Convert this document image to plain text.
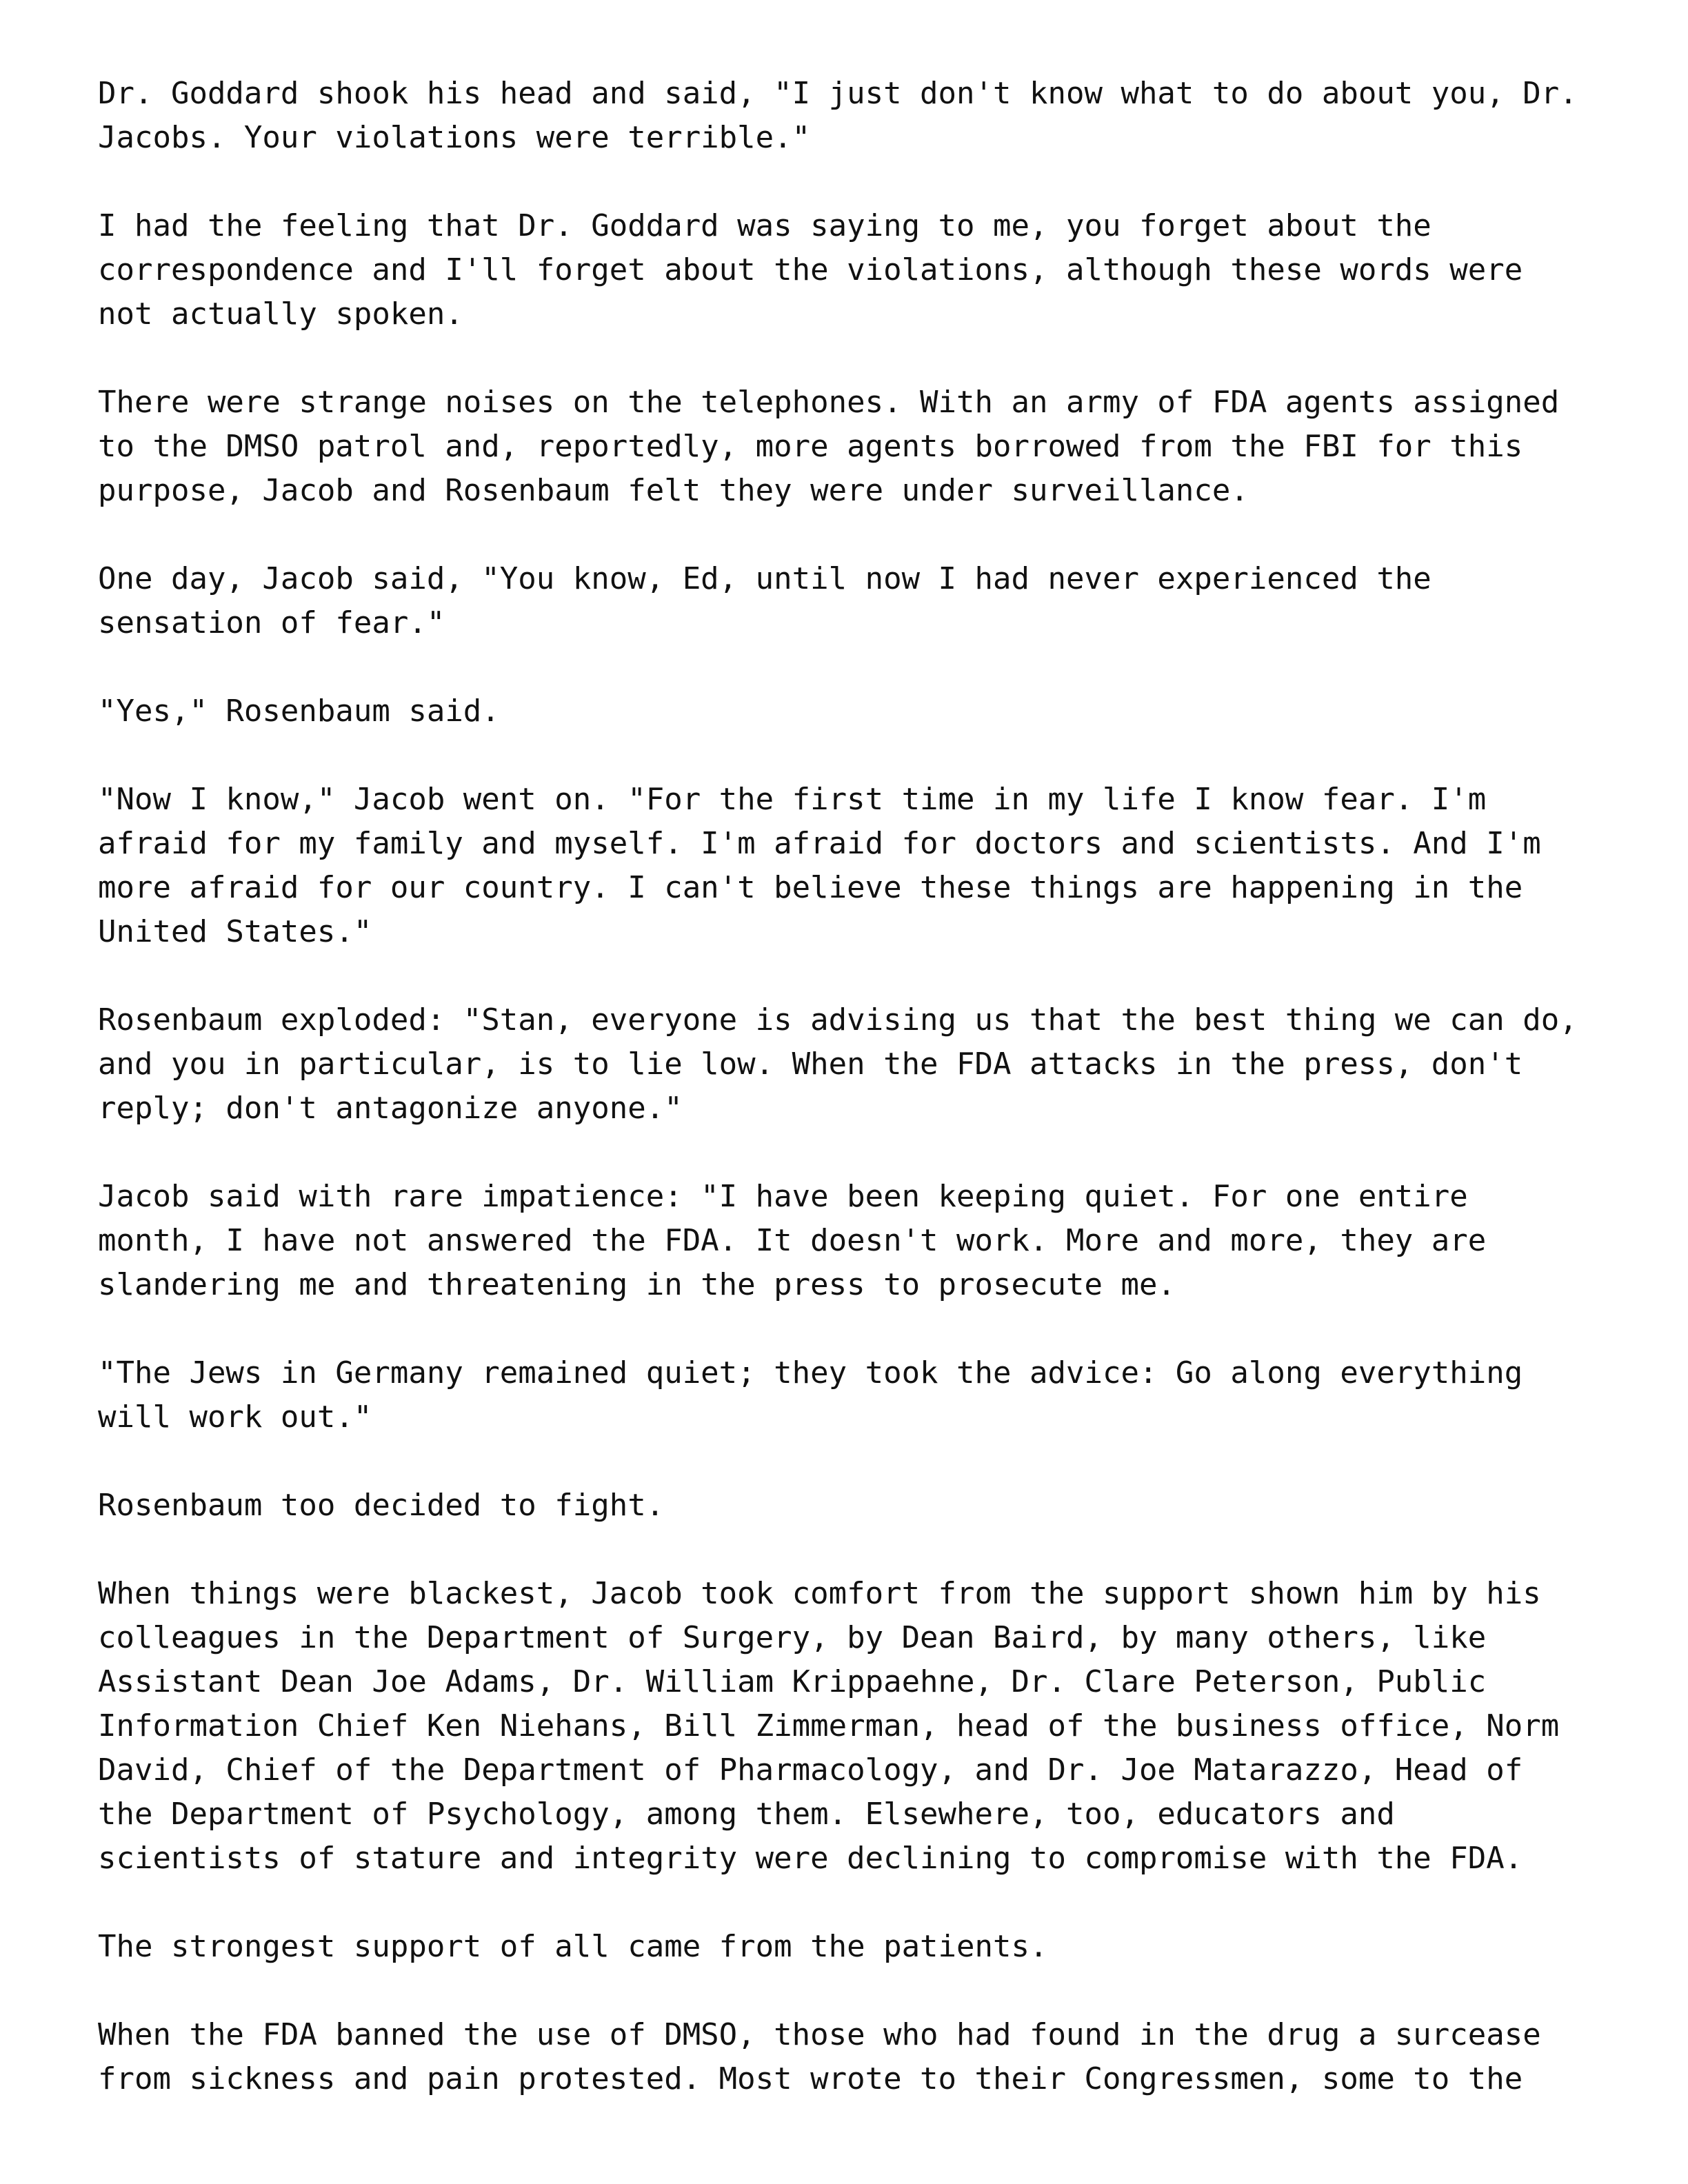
Dr. Goddard shook his head and said, "I just don't know what to do about you, Dr.
Jacobs. Your violations were terrible."
I had the feeling that Dr. Goddard was saying to me, you forget about the
correspondence and I'll forget about the violations, although these words were
not actually spoken.
There were strange noises on the telephones. With an army of FDA agents assigned
to the DMSO patrol and, reportedly, more agents borrowed from the FBI for this
purpose, Jacob and Rosenbaum felt they were under surveillance.
One day, Jacob said, "You know, Ed, until now I had never experienced the
sensation of fear."
"Yes," Rosenbaum said.
"Now I know," Jacob went on. "For the first time in my life I know fear. I'm
afraid for my family and myself. I'm afraid for doctors and scientists. And I'm
more afraid for our country. I can't believe these things are happening in the
United States."
Rosenbaum exploded: "Stan, everyone is advising us that the best thing we can do,
and you in particular, is to lie low. When the FDA attacks in the press, don't
reply; don't antagonize anyone."
Jacob said with rare impatience: "I have been keeping quiet. For one entire
month, I have not answered the FDA. It doesn't work. More and more, they are
slandering me and threatening in the press to prosecute me.
"The Jews in Germany remained quiet; they took the advice: Go along everything
will work out."
Rosenbaum too decided to fight.
When things were blackest, Jacob took comfort from the support shown him by his
colleagues in the Department of Surgery, by Dean Baird, by many others, like
Assistant Dean Joe Adams, Dr. William Krippaehne, Dr. Clare Peterson, Public
Information Chief Ken Niehans, Bill Zimmerman, head of the business office, Norm
David, Chief of the Department of Pharmacology, and Dr. Joe Matarazzo, Head of
the Department of Psychology, among them. Elsewhere, too, educators and
scientists of stature and integrity were declining to compromise with the FDA.
The strongest support of all came from the patients.
When the FDA banned the use of DMSO, those who had found in the drug a surcease
from sickness and pain protested. Most wrote to their Congressmen, some to the
